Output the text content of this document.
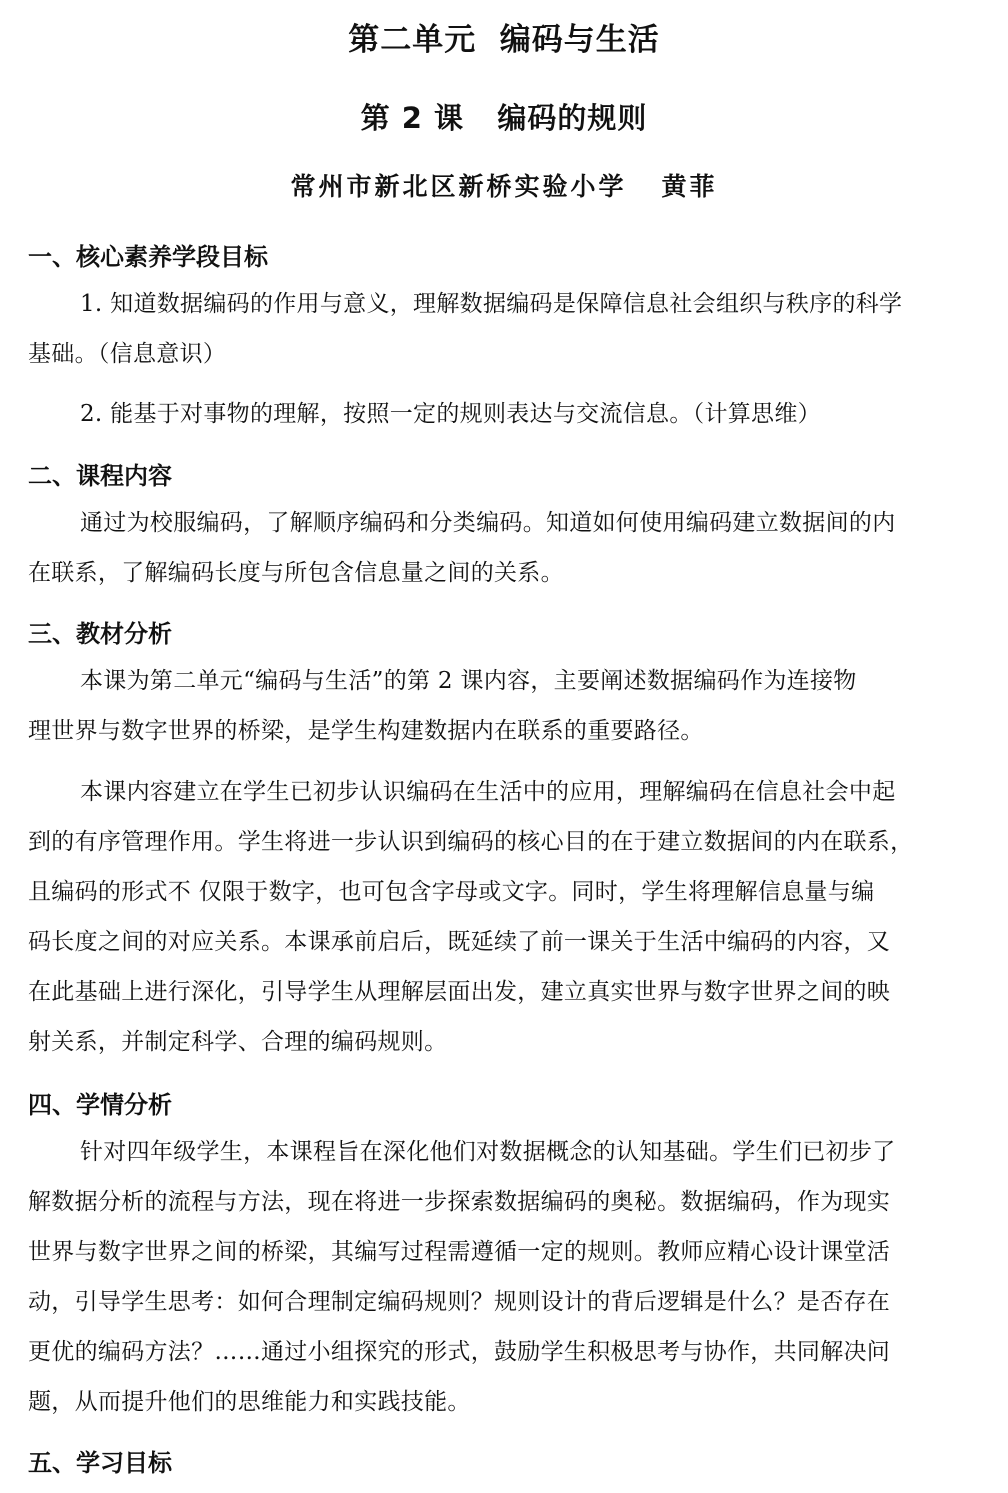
第二单元  编码与生活
第 2 课   编码的规则
常州市新北区新桥实验小学   黄菲
一、核心素养学段目标
1. 知道数据编码的作用与意义，理解数据编码是保障信息社会组织与秩序的科学
基础。（信息意识）
2. 能基于对事物的理解，按照一定的规则表达与交流信息。（计算思维）
二、课程内容
通过为校服编码，了解顺序编码和分类编码。知道如何使用编码建立数据间的内
在联系，了解编码长度与所包含信息量之间的关系。
三、教材分析
本课为第二单元“编码与生活”的第 2 课内容，主要阐述数据编码作为连接物
理世界与数字世界的桥梁，是学生构建数据内在联系的重要路径。
本课内容建立在学生已初步认识编码在生活中的应用，理解编码在信息社会中起
到的有序管理作用。学生将进一步认识到编码的核心目的在于建立数据间的内在联系，
且编码的形式不 仅限于数字，也可包含字母或文字。同时，学生将理解信息量与编
码长度之间的对应关系。本课承前启后，既延续了前一课关于生活中编码的内容，又
在此基础上进行深化，引导学生从理解层面出发，建立真实世界与数字世界之间的映
射关系，并制定科学、合理的编码规则。
四、学情分析
针对四年级学生，本课程旨在深化他们对数据概念的认知基础。学生们已初步了
解数据分析的流程与方法，现在将进一步探索数据编码的奥秘。数据编码，作为现实
世界与数字世界之间的桥梁，其编写过程需遵循一定的规则。教师应精心设计课堂活
动，引导学生思考：如何合理制定编码规则？规则设计的背后逻辑是什么？是否存在
更优的编码方法？……通过小组探究的形式，鼓励学生积极思考与协作，共同解决问
题，从而提升他们的思维能力和实践技能。
五、学习目标
